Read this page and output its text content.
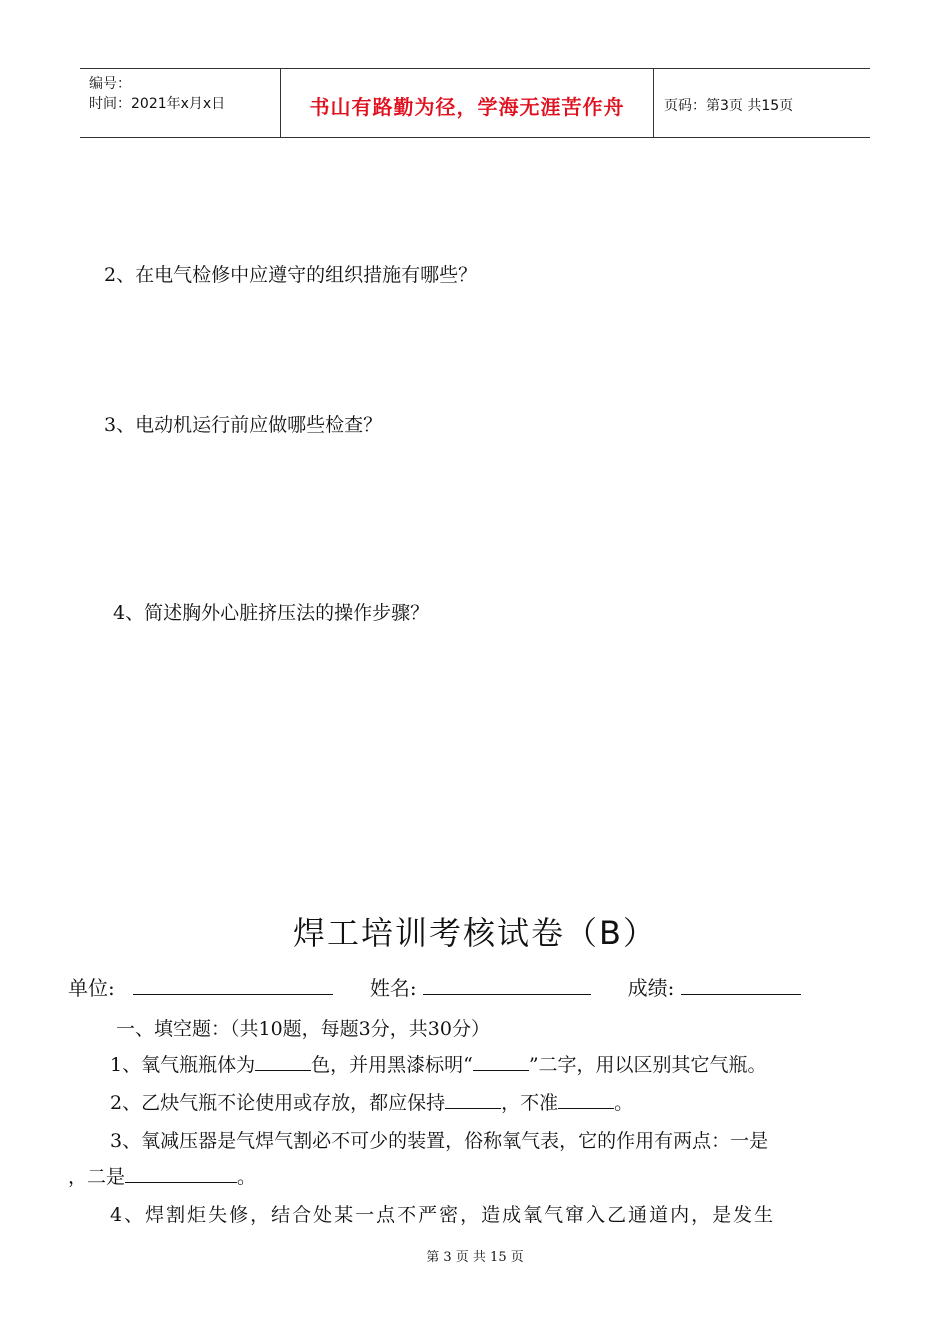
编号：
时间：2021年x月x日	书山有路勤为径，学海无涯苦作舟	页码：第3页 共15页
2、在电气检修中应遵守的组织措施有哪些？
3、电动机运行前应做哪些检查？
4、简述胸外心脏挤压法的操作步骤？
焊工培训考核试卷（B）
单位:	姓名:	成绩:
一、填空题：（共10题，每题3分，共30分）
1、氧气瓶瓶体为	色，并用黑漆标明“	”二字，用以区别其它气瓶。
2、乙炔气瓶不论使用或存放，都应保持	，不准	。
3、氧减压器是气焊气割必不可少的装置，俗称氧气表，它的作用有两点：一是
，二是	。
4、焊割炬失修，结合处某一点不严密，造成氧气窜入乙通道内，是发生
第 3 页 共 15 页
